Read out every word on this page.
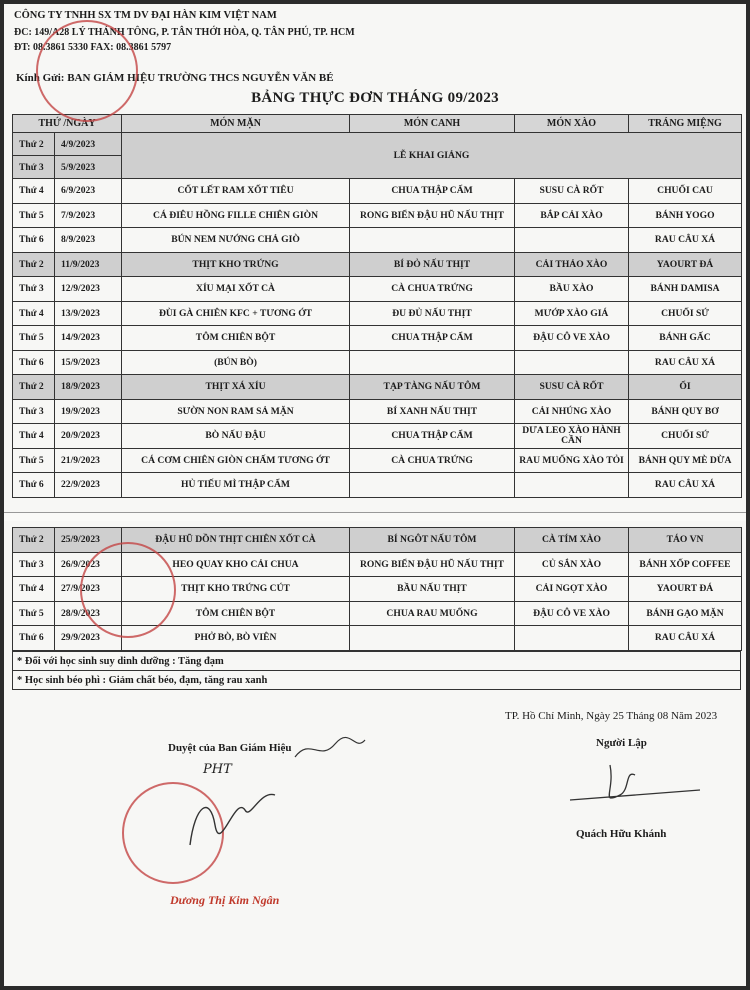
CÔNG TY TNHH SX TM DV ĐẠI HÀN KIM VIỆT NAM
ĐC: 149/A28 LÝ THÁNH TÔNG, P. TÂN THỚI HÒA, Q. TÂN PHÚ, TP. HCM
ĐT: 08.3861 5330 FAX: 08.3861 5797
Kính Gửi: BAN GIÁM HIỆU TRƯỜNG THCS NGUYỄN VĂN BÉ
BẢNG THỰC ĐƠN THÁNG 09/2023
THỨ /NGÀY		MÓN MẶN	MÓN CANH	MÓN XÀO	TRÁNG MIỆNG
Thứ 2	4/9/2023	LỄ KHAI GIẢNG			
Thứ 3	5/9/2023				
Thứ 4	6/9/2023	CỐT LẾT RAM XỐT TIÊU	CHUA THẬP CẨM	SUSU CÀ RỐT	CHUỐI CAU
Thứ 5	7/9/2023	CÁ ĐIÊU HỒNG FILLE CHIÊN GIÒN	RONG BIỂN ĐẬU HŨ NẤU THỊT	BẮP CẢI XÀO	BÁNH YOGO
Thứ 6	8/9/2023	BÚN NEM NƯỚNG CHẢ GIÒ			RAU CÂU XÁ
Thứ 2	11/9/2023	THỊT KHO TRỨNG	BÍ ĐỎ NẤU THỊT	CẢI THẢO XÀO	YAOURT ĐÁ
Thứ 3	12/9/2023	XÍU MẠI XỐT CÀ	CÀ CHUA TRỨNG	BẦU XÀO	BÁNH DAMISA
Thứ 4	13/9/2023	ĐÙI GÀ CHIÊN KFC + TƯƠNG ỚT	ĐU ĐỦ NẤU THỊT	MƯỚP XÀO GIÁ	CHUỐI SỨ
Thứ 5	14/9/2023	TÔM CHIÊN BỘT	CHUA THẬP CẨM	ĐẬU CÔ VE XÀO	BÁNH GẤC
Thứ 6	15/9/2023	(BÚN BÒ)			RAU CÂU XÁ
Thứ 2	18/9/2023	THỊT XÁ XÍU	TẠP TÀNG NẤU TÔM	SUSU CÀ RỐT	ỔI
Thứ 3	19/9/2023	SƯỜN NON RAM SẢ MẶN	BÍ XANH NẤU THỊT	CẢI NHÚNG XÀO	BÁNH QUY BƠ
Thứ 4	20/9/2023	BÒ NẤU ĐẬU	CHUA THẬP CẨM	DƯA LEO XÀO HÀNH CẦN	CHUỐI SỨ
Thứ 5	21/9/2023	CÁ CƠM CHIÊN GIÒN CHẤM TƯƠNG ỚT	CÀ CHUA TRỨNG	RAU MUỐNG XÀO TỎI	BÁNH QUY MÈ DỪA
Thứ 6	22/9/2023	HỦ TIẾU MÌ THẬP CẨM			RAU CÂU XÁ
Thứ 2	25/9/2023	ĐẬU HŨ DỒN THỊT CHIÊN XỐT CÀ	BÍ NGÔT NẤU TÔM	CÀ TÍM XÀO	TÁO VN
Thứ 3	26/9/2023	HEO QUAY KHO CẢI CHUA	RONG BIỂN ĐẬU HŨ NẤU THỊT	CỦ SẮN XÀO	BÁNH XỐP COFFEE
Thứ 4	27/9/2023	THỊT KHO TRỨNG CÚT	BẦU NẤU THỊT	CẢI NGỌT XÀO	YAOURT ĐÁ
Thứ 5	28/9/2023	TÔM CHIÊN BỘT	CHUA RAU MUỐNG	ĐẬU CÔ VE XÀO	BÁNH GẠO MẶN
Thứ 6	29/9/2023	PHỞ BÒ, BÒ VIÊN			RAU CÂU XÁ
* Đối với học sinh suy dinh dưỡng : Tăng đạm
* Học sinh béo phì : Giảm chất béo, đạm, tăng rau xanh
TP. Hồ Chí Minh, Ngày 25 Tháng 08 Năm 2023
Duyệt của Ban Giám Hiệu	Người Lập
Quách Hữu Khánh
PHT
Dương Thị Kim Ngân
